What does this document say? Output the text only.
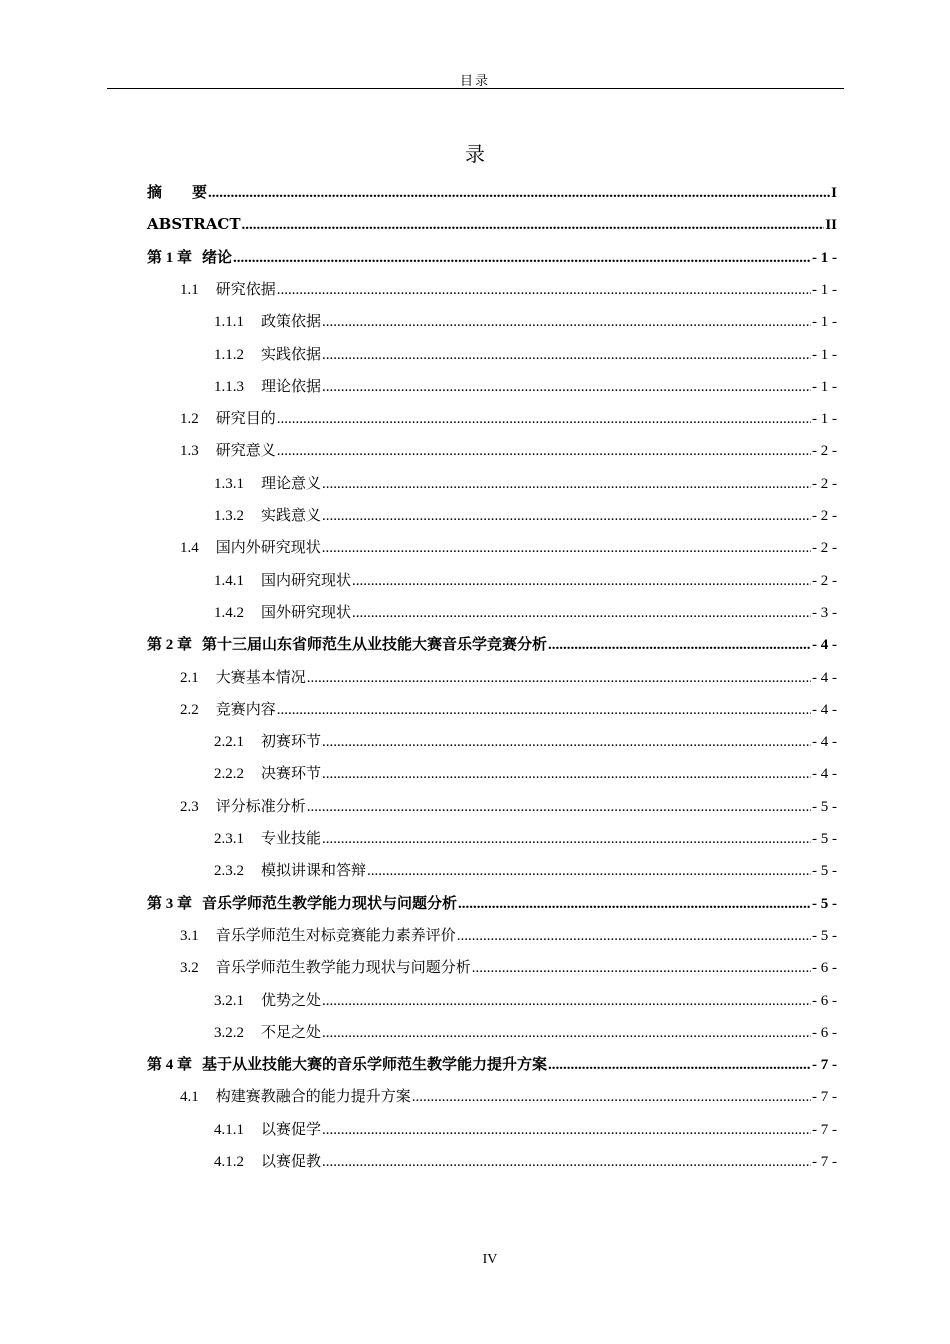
目录
录
摘　　要 .....	I
ABSTRACT .....	II
第 1 章 绪论 .....	- 1 -
1.1 研究依据 .....	- 1 -
1.1.1 政策依据 .....	- 1 -
1.1.2 实践依据 .....	- 1 -
1.1.3 理论依据 .....	- 1 -
1.2 研究目的 .....	- 1 -
1.3 研究意义 .....	- 2 -
1.3.1 理论意义 .....	- 2 -
1.3.2 实践意义 .....	- 2 -
1.4 国内外研究现状 .....	- 2 -
1.4.1 国内研究现状 .....	- 2 -
1.4.2 国外研究现状 .....	- 3 -
第 2 章 第十三届山东省师范生从业技能大赛音乐学竞赛分析 .....	- 4 -
2.1 大赛基本情况 .....	- 4 -
2.2 竞赛内容 .....	- 4 -
2.2.1 初赛环节 .....	- 4 -
2.2.2 决赛环节 .....	- 4 -
2.3 评分标准分析 .....	- 5 -
2.3.1 专业技能 .....	- 5 -
2.3.2 模拟讲课和答辩 .....	- 5 -
第 3 章 音乐学师范生教学能力现状与问题分析 .....	- 5 -
3.1 音乐学师范生对标竞赛能力素养评价 .....	- 5 -
3.2 音乐学师范生教学能力现状与问题分析 .....	- 6 -
3.2.1 优势之处 .....	- 6 -
3.2.2 不足之处 .....	- 6 -
第 4 章 基于从业技能大赛的音乐学师范生教学能力提升方案 .....	- 7 -
4.1 构建赛教融合的能力提升方案 .....	- 7 -
4.1.1 以赛促学 .....	- 7 -
4.1.2 以赛促教 .....	- 7 -
IV
